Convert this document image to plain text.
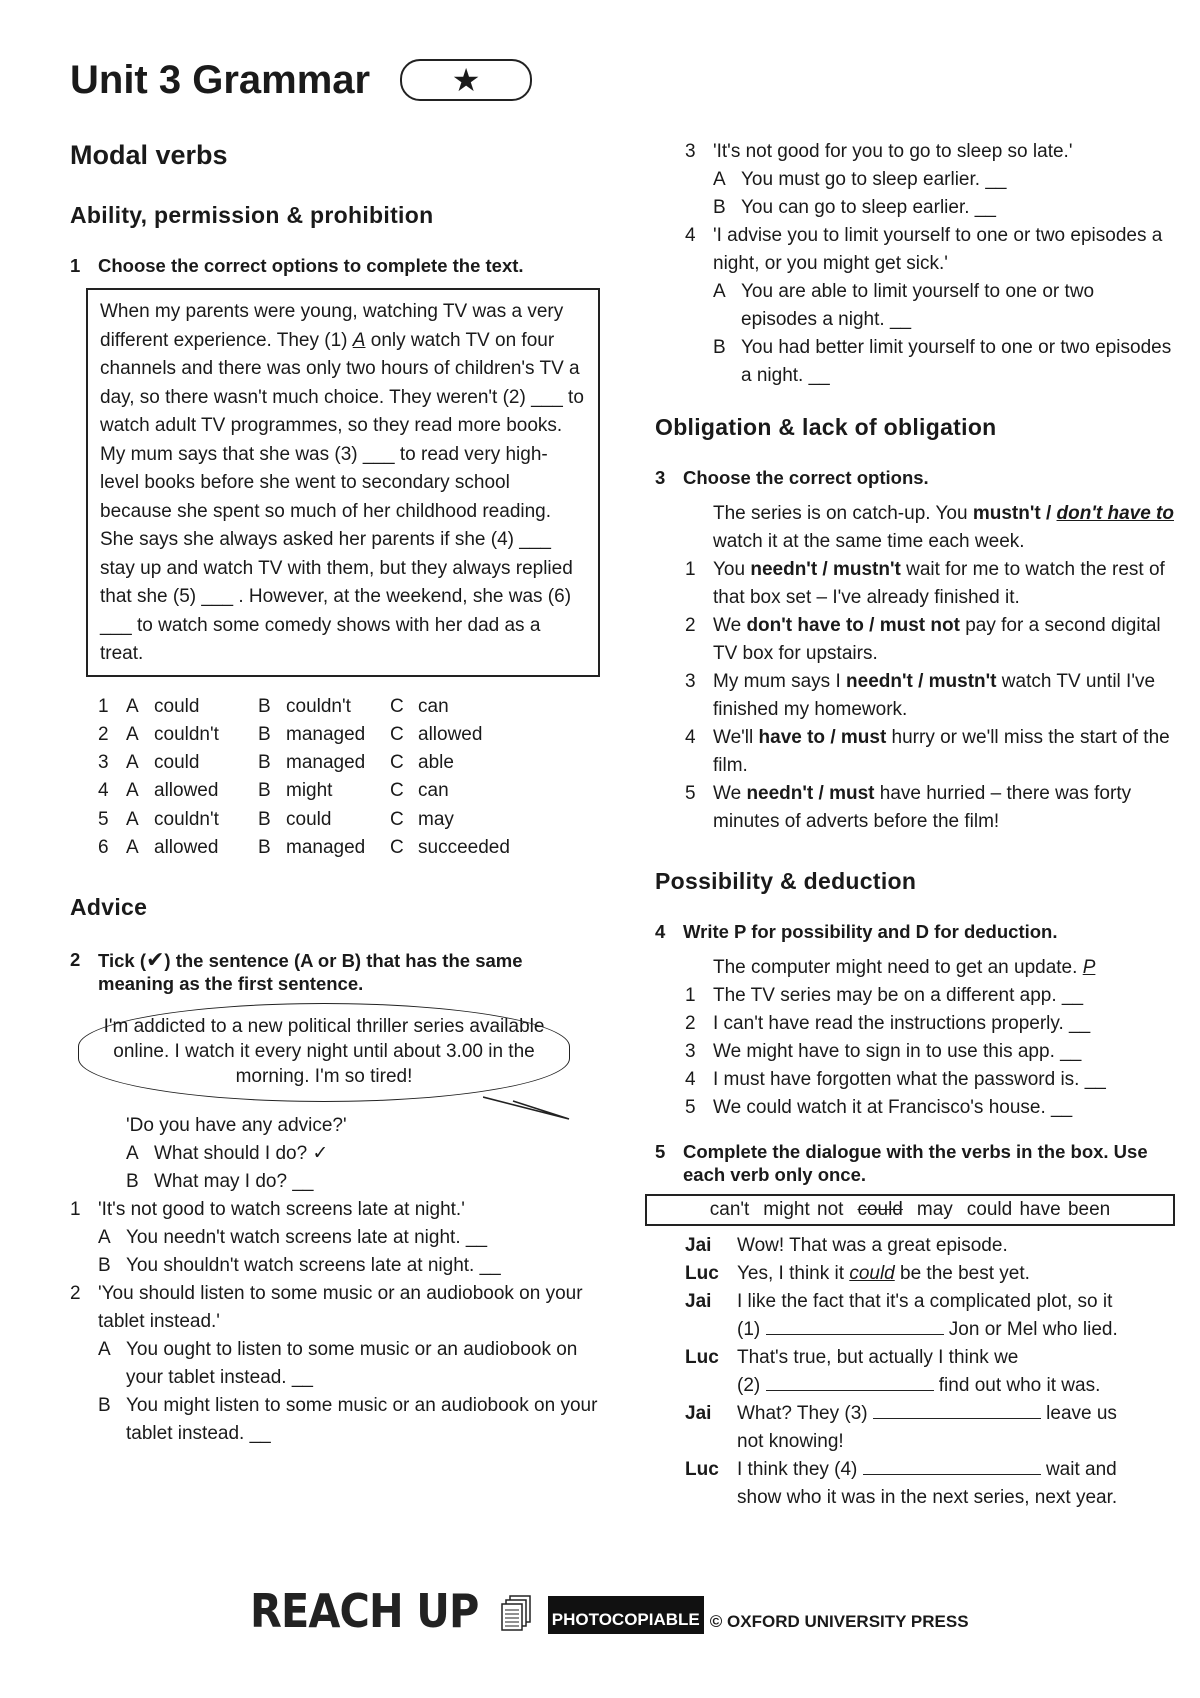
Unit 3 Grammar	★
Modal verbs
Ability, permission & prohibition
1 Choose the correct options to complete the text.
When my parents were young, watching TV was a very different experience. They (1) A only watch TV on four channels and there was only two hours of children's TV a day, so there wasn't much choice. They weren't (2) ___ to watch adult TV programmes, so they read more books. My mum says that she was (3) ___ to read very high-level books before she went to secondary school because she spent so much of her childhood reading. She says she always asked her parents if she (4) ___ stay up and watch TV with them, but they always replied that she (5) ___ . However, at the weekend, she was (6) ___ to watch some comedy shows with her dad as a treat.
1	A	could	B	couldn't	C	can
2	A	couldn't	B	managed	C	allowed
3	A	could	B	managed	C	able
4	A	allowed	B	might	C	can
5	A	couldn't	B	could	C	may
6	A	allowed	B	managed	C	succeeded
Advice
2 Tick (✔) the sentence (A or B) that has the same meaning as the first sentence.
I'm addicted to a new political thriller series available online. I watch it every night until about 3.00 in the morning. I'm so tired!
'Do you have any advice?'
A What should I do? ✓
B What may I do? __
1 'It's not good to watch screens late at night.'
A You needn't watch screens late at night. __
B You shouldn't watch screens late at night. __
2 'You should listen to some music or an audiobook on your tablet instead.'
A You ought to listen to some music or an audiobook on your tablet instead. __
B You might listen to some music or an audiobook on your tablet instead. __
3 'It's not good for you to go to sleep so late.'
A You must go to sleep earlier. __
B You can go to sleep earlier. __
4 'I advise you to limit yourself to one or two episodes a night, or you might get sick.'
A You are able to limit yourself to one or two episodes a night. __
B You had better limit yourself to one or two episodes a night. __
Obligation & lack of obligation
3 Choose the correct options.
The series is on catch-up. You mustn't / don't have to watch it at the same time each week.
1 You needn't / mustn't wait for me to watch the rest of that box set – I've already finished it.
2 We don't have to / must not pay for a second digital TV box for upstairs.
3 My mum says I needn't / mustn't watch TV until I've finished my homework.
4 We'll have to / must hurry or we'll miss the start of the film.
5 We needn't / must have hurried – there was forty minutes of adverts before the film!
Possibility & deduction
4 Write P for possibility and D for deduction.
The computer might need to get an update. P
1 The TV series may be on a different app. __
2 I can't have read the instructions properly. __
3 We might have to sign in to use this app. __
4 I must have forgotten what the password is. __
5 We could watch it at Francisco's house. __
5 Complete the dialogue with the verbs in the box. Use each verb only once.
can't might not could may could have been
Jai	Wow! That was a great episode.
Luc Yes, I think it could be the best yet.
Jai	I like the fact that it's a complicated plot, so it
(1)	Jon or Mel who lied.
Luc That's true, but actually I think we
(2)	find out who it was.
Jai	What? They (3)	leave us
not knowing!
Luc I think they (4)	wait and
show who it was in the next series, next year.
REACH UP	PHOTOCOPIABLE © OXFORD UNIVERSITY PRESS
